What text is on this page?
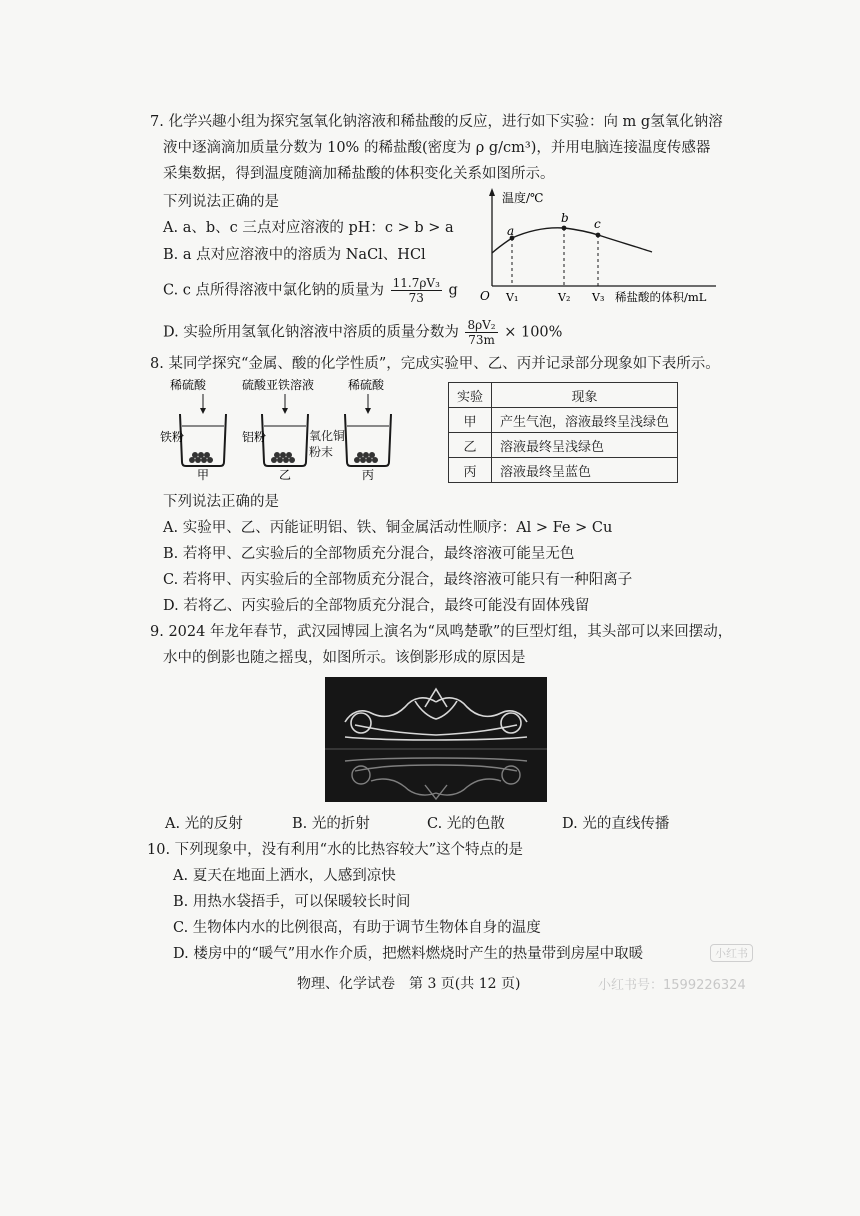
7. 化学兴趣小组为探究氢氧化钠溶液和稀盐酸的反应，进行如下实验：向 m g氢氧化钠溶
液中逐滴滴加质量分数为 10% 的稀盐酸(密度为 ρ g/cm³)，并用电脑连接温度传感器
采集数据，得到温度随滴加稀盐酸的体积变化关系如图所示。
下列说法正确的是
A. a、b、c 三点对应溶液的 pH：c > b > a
B. a 点对应溶液中的溶质为 NaCl、HCl
C. c 点所得溶液中氯化钠的质量为 $\frac{\text{11.7ρV₃}}{73}$ g
D. 实验所用氢氧化钠溶液中溶质的质量分数为 $\frac{\text{8ρV₂}}{73m} \times 100\%$
温度/℃
a
b c
O V₁	V₂ V₃ 稀盐酸的体积/mL
8. 某同学探究“金属、酸的化学性质”，完成实验甲、乙、丙并记录部分现象如下表所示。
稀硫酸
铁粉
甲
硫酸亚铁溶液
铝粉
乙
稀硫酸
丙
氧化铜粉末
实验	现象
甲	产生气泡，溶液最终呈浅绿色
乙	溶液最终呈浅绿色
丙	溶液最终呈蓝色
下列说法正确的是
A. 实验甲、乙、丙能证明铝、铁、铜金属活动性顺序：Al > Fe > Cu
B. 若将甲、乙实验后的全部物质充分混合，最终溶液可能呈无色
C. 若将甲、丙实验后的全部物质充分混合，最终溶液可能只有一种阳离子
D. 若将乙、丙实验后的全部物质充分混合，最终可能没有固体残留
9. 2024 年龙年春节，武汉园博园上演名为“凤鸣楚歌”的巨型灯组，其头部可以来回摆动，
水中的倒影也随之摇曳，如图所示。该倒影形成的原因是
A. 光的反射	B. 光的折射	C. 光的色散	D. 光的直线传播
10. 下列现象中，没有利用“水的比热容较大”这个特点的是
A. 夏天在地面上洒水，人感到凉快
B. 用热水袋捂手，可以保暖较长时间
C. 生物体内水的比例很高，有助于调节生物体自身的温度
D. 楼房中的“暖气”用水作介质，把燃料燃烧时产生的热量带到房屋中取暖
物理、化学试卷　第 3 页(共 12 页)
小红书
小红书号：1599226324
